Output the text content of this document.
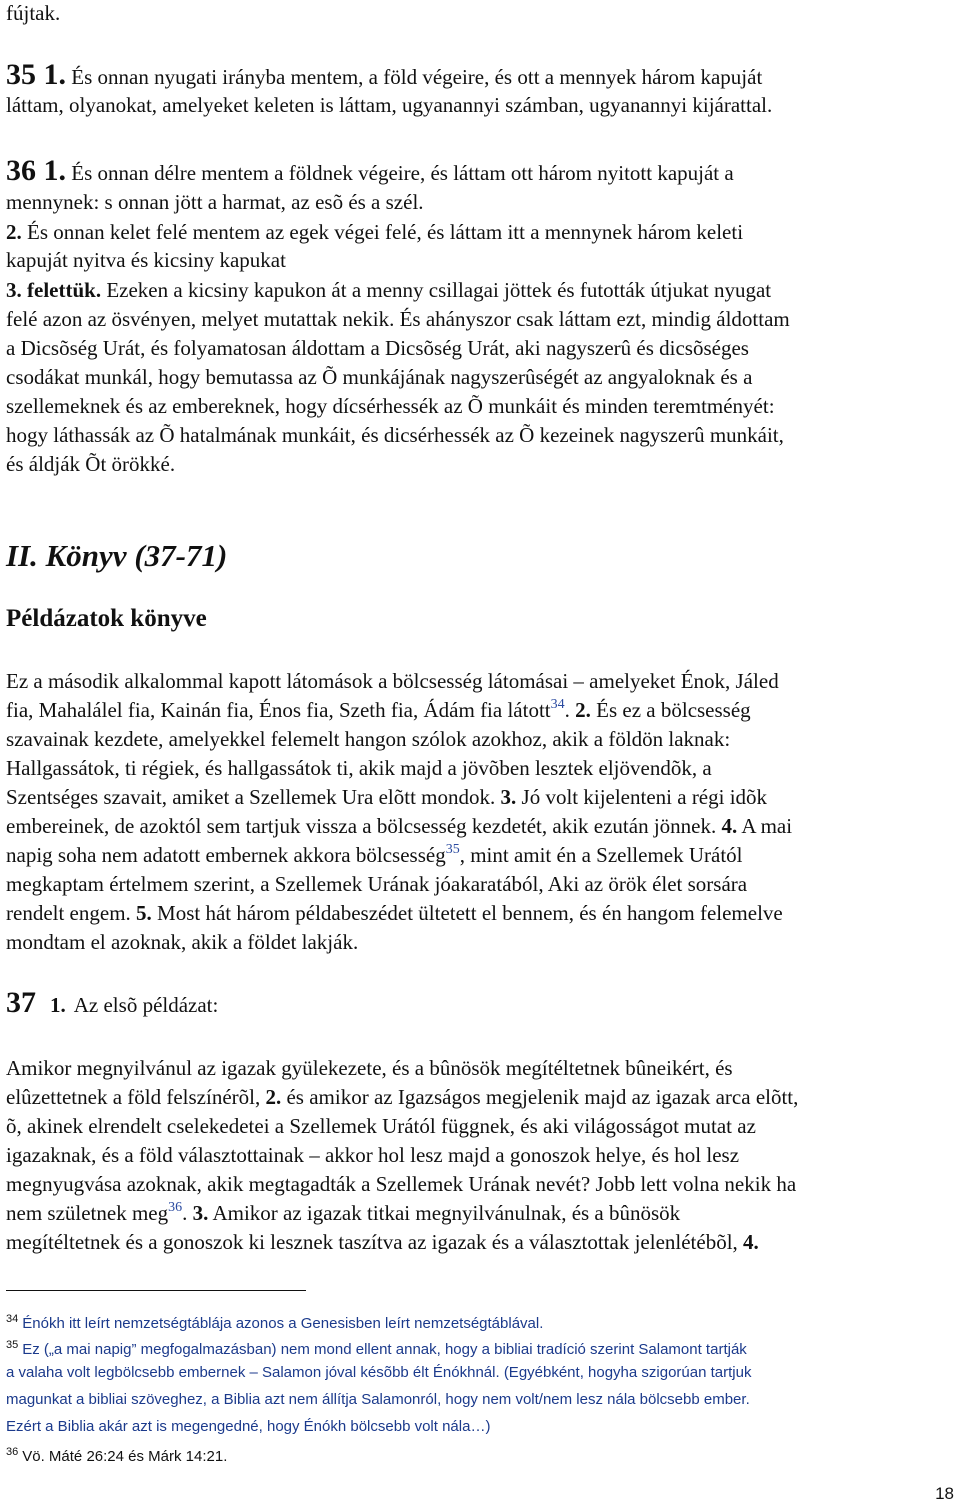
fújtak.
35 1. És onnan nyugati irányba mentem, a föld végeire, és ott a mennyek három kapuját
láttam, olyanokat, amelyeket keleten is láttam, ugyanannyi számban, ugyanannyi kijárattal.
36 1. És onnan délre mentem a földnek végeire, és láttam ott három nyitott kapuját a
mennynek: s onnan jött a harmat, az esõ és a szél.
2. És onnan kelet felé mentem az egek végei felé, és láttam itt a mennynek három keleti
kapuját nyitva és kicsiny kapukat
3. felettük. Ezeken a kicsiny kapukon át a menny csillagai jöttek és futották útjukat nyugat
felé azon az ösvényen, melyet mutattak nekik. És ahányszor csak láttam ezt, mindig áldottam
a Dicsõség Urát, és folyamatosan áldottam a Dicsõség Urát, aki nagyszerû és dicsõséges
csodákat munkál, hogy bemutassa az Õ munkájának nagyszerûségét az angyaloknak és a
szellemeknek és az embereknek, hogy dícsérhessék az Õ munkáit és minden teremtményét:
hogy láthassák az Õ hatalmának munkáit, és dicsérhessék az Õ kezeinek nagyszerû munkáit,
és áldják Õt örökké.
II. Könyv (37-71)
Példázatok könyve
Ez a második alkalommal kapott látomások a bölcsesség látomásai – amelyeket Énok, Jáled
fia, Mahalálel fia, Kainán fia, Énos fia, Szeth fia, Ádám fia látott$^{34}$. 2. És ez a bölcsesség
szavainak kezdete, amelyekkel felemelt hangon szólok azokhoz, akik a földön laknak:
Hallgassátok, ti régiek, és hallgassátok ti, akik majd a jövõben lesztek eljövendõk, a
Szentséges szavait, amiket a Szellemek Ura elõtt mondok. 3. Jó volt kijelenteni a régi idõk
embereinek, de azoktól sem tartjuk vissza a bölcsesség kezdetét, akik ezután jönnek. 4. A mai
napig soha nem adatott embernek akkora bölcsesség$^{35}$, mint amit én a Szellemek Urától
megkaptam értelmem szerint, a Szellemek Urának jóakaratából, Aki az örök élet sorsára
rendelt engem. 5. Most hát három példabeszédet ültetett el bennem, és én hangom felemelve
mondtam el azoknak, akik a földet lakják.
37 1. Az elsõ példázat:
Amikor megnyilvánul az igazak gyülekezete, és a bûnösök megítéltetnek bûneikért, és
elûzettetnek a föld felszínérõl, 2. és amikor az Igazságos megjelenik majd az igazak arca elõtt,
õ, akinek elrendelt cselekedetei a Szellemek Urától függnek, és aki világosságot mutat az
igazaknak, és a föld választottainak – akkor hol lesz majd a gonoszok helye, és hol lesz
megnyugvása azoknak, akik megtagadták a Szellemek Urának nevét? Jobb lett volna nekik ha
nem születnek meg$^{36}$. 3. Amikor az igazak titkai megnyilvánulnak, és a bûnösök
megítéltetnek és a gonoszok ki lesznek taszítva az igazak és a választottak jelenlétébõl, 4.
$^{34}$ Énókh itt leírt nemzetségtáblája azonos a Genesisben leírt nemzetségtáblával.
$^{35}$ Ez („a mai napig” megfogalmazásban) nem mond ellent annak, hogy a bibliai tradíció szerint Salamont tartják
a valaha volt legbölcsebb embernek – Salamon jóval késõbb élt Énókhnál. (Egyébként, hogyha szigorúan tartjuk
magunkat a bibliai szöveghez, a Biblia azt nem állítja Salamonról, hogy nem volt/nem lesz nála bölcsebb ember.
Ezért a Biblia akár azt is megengedné, hogy Énókh bölcsebb volt nála…)
$^{36}$ Vö. Máté 26:24 és Márk 14:21.
18
